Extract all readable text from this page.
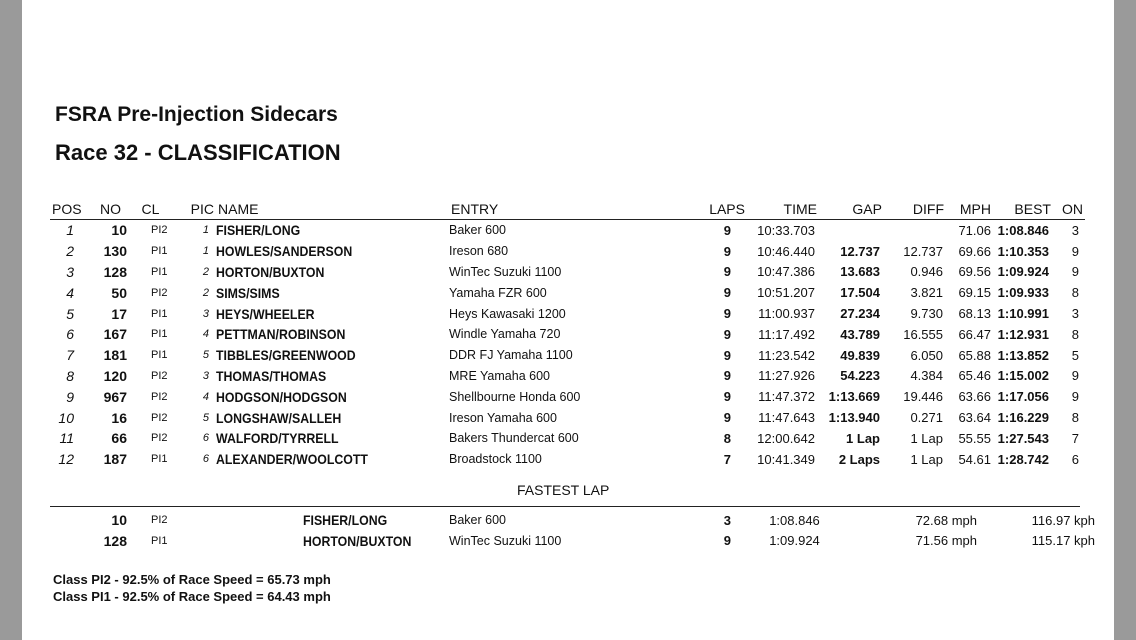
FSRA Pre-Injection Sidecars
Race 32 - CLASSIFICATION
POS	NO	CL	PIC	NAME	ENTRY	LAPS	TIME	GAP	DIFF	MPH	BEST	ON
1	10	PI2	1	FISHER/LONG	Baker 600	9	10:33.703			71.06	1:08.846	3
2	130	PI1	1	HOWLES/SANDERSON	Ireson 680	9	10:46.440	12.737	12.737	69.66	1:10.353	9
3	128	PI1	2	HORTON/BUXTON	WinTec Suzuki 1100	9	10:47.386	13.683	0.946	69.56	1:09.924	9
4	50	PI2	2	SIMS/SIMS	Yamaha FZR 600	9	10:51.207	17.504	3.821	69.15	1:09.933	8
5	17	PI1	3	HEYS/WHEELER	Heys Kawasaki 1200	9	11:00.937	27.234	9.730	68.13	1:10.991	3
6	167	PI1	4	PETTMAN/ROBINSON	Windle Yamaha 720	9	11:17.492	43.789	16.555	66.47	1:12.931	8
7	181	PI1	5	TIBBLES/GREENWOOD	DDR FJ Yamaha 1100	9	11:23.542	49.839	6.050	65.88	1:13.852	5
8	120	PI2	3	THOMAS/THOMAS	MRE Yamaha 600	9	11:27.926	54.223	4.384	65.46	1:15.002	9
9	967	PI2	4	HODGSON/HODGSON	Shellbourne Honda 600	9	11:47.372	1:13.669	19.446	63.66	1:17.056	9
10	16	PI2	5	LONGSHAW/SALLEH	Ireson Yamaha 600	9	11:47.643	1:13.940	0.271	63.64	1:16.229	8
11	66	PI2	6	WALFORD/TYRRELL	Bakers Thundercat 600	8	12:00.642	1 Lap	1 Lap	55.55	1:27.543	7
12	187	PI1	6	ALEXANDER/WOOLCOTT	Broadstock 1100	7	10:41.349	2 Laps	1 Lap	54.61	1:28.742	6
FASTEST LAP
10	PI2	FISHER/LONG	Baker 600	3	1:08.846	72.68 mph	116.97 kph	
128	PI1	HORTON/BUXTON	WinTec Suzuki 1100	9	1:09.924	71.56 mph	115.17 kph	
Class PI2 - 92.5% of Race Speed = 65.73 mph
Class PI1 - 92.5% of Race Speed = 64.43 mph
